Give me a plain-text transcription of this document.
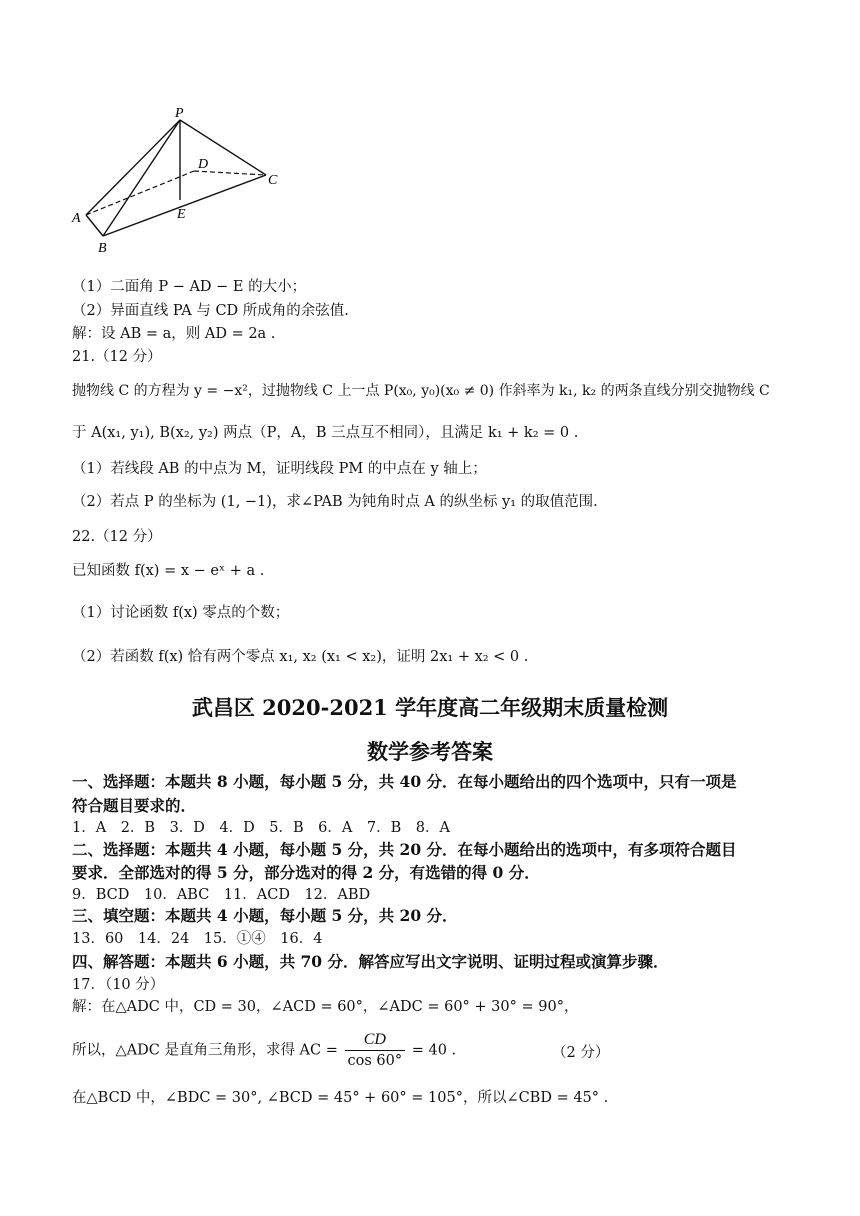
P
D
C
A	E
B
（1）二面角 P − AD − E 的大小；
（2）异面直线 PA 与 CD 所成角的余弦值.
解：设 AB = a，则 AD = 2a .
21.（12 分）
抛物线 C 的方程为 y = −x²，过抛物线 C 上一点 P(x₀, y₀)(x₀ ≠ 0) 作斜率为 k₁, k₂ 的两条直线分别交抛物线 C
于 A(x₁, y₁), B(x₂, y₂) 两点（P，A，B 三点互不相同），且满足 k₁ + k₂ = 0 .
（1）若线段 AB 的中点为 M，证明线段 PM 的中点在 y 轴上；
（2）若点 P 的坐标为 (1, −1)，求∠PAB 为钝角时点 A 的纵坐标 y₁ 的取值范围.
22.（12 分）
已知函数 f(x) = x − eˣ + a .
（1）讨论函数 f(x) 零点的个数；
（2）若函数 f(x) 恰有两个零点 x₁, x₂ (x₁ < x₂)，证明 2x₁ + x₂ < 0 .
武昌区 2020-2021 学年度高二年级期末质量检测
数学参考答案
一、选择题：本题共 8 小题，每小题 5 分，共 40 分．在每小题给出的四个选项中，只有一项是
符合题目要求的．
1．A　2．B　3．D　4．D　5．B　6．A　7．B　8．A
二、选择题：本题共 4 小题，每小题 5 分，共 20 分．在每小题给出的选项中，有多项符合题目
要求．全部选对的得 5 分，部分选对的得 2 分，有选错的得 0 分．
9．BCD　10．ABC　11．ACD　12．ABD
三、填空题：本题共 4 小题，每小题 5 分，共 20 分．
13．60　14．24　15．①④　16．4
四、解答题：本题共 6 小题，共 70 分．解答应写出文字说明、证明过程或演算步骤．
17．（10 分）
解：在△ADC 中，CD = 30，∠ACD = 60°，∠ADC = 60° + 30° = 90°，
所以，△ADC 是直角三角形，求得 AC = $\frac{CD}{\cos 60^\circ} = 40$ .	（2 分）
在△BCD 中，∠BDC = 30°, ∠BCD = 45° + 60° = 105°，所以∠CBD = 45° .
